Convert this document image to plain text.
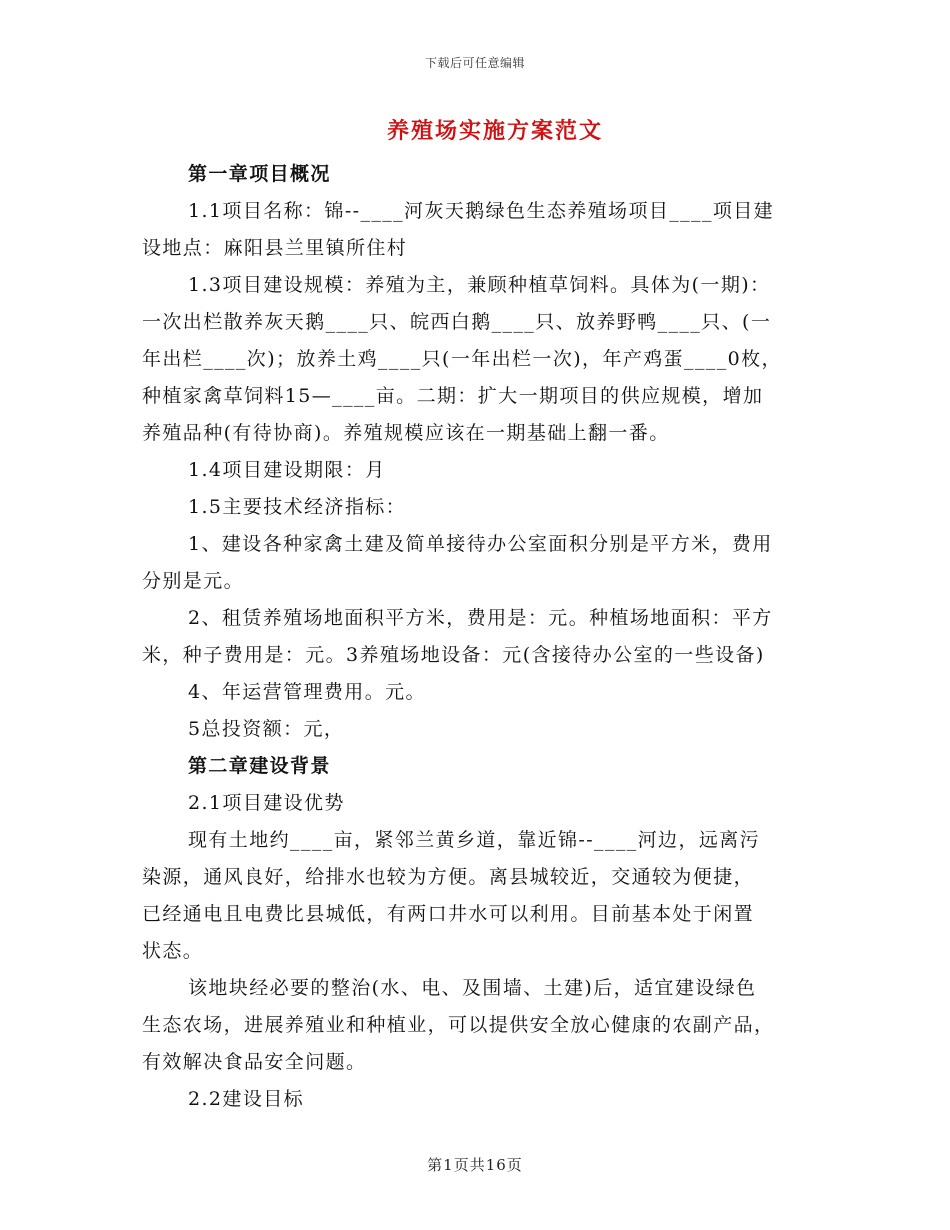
下载后可任意编辑
养殖场实施方案范文

第一章项目概况

1.1项目名称：锦--____河灰天鹅绿色生态养殖场项目____项目建

设地点：麻阳县兰里镇所住村

1.3项目建设规模：养殖为主，兼顾种植草饲料。具体为(一期)：

一次出栏散养灰天鹅____只、皖西白鹅____只、放养野鸭____只、(一

年出栏____次)；放养土鸡____只(一年出栏一次)，年产鸡蛋____0枚，

种植家禽草饲料15—____亩。二期：扩大一期项目的供应规模，增加

养殖品种(有待协商)。养殖规模应该在一期基础上翻一番。

1.4项目建设期限：月

1.5主要技术经济指标：

1、建设各种家禽土建及简单接待办公室面积分别是平方米，费用

分别是元。

2、租赁养殖场地面积平方米，费用是：元。种植场地面积：平方

米，种子费用是：元。3养殖场地设备：元(含接待办公室的一些设备)

4、年运营管理费用。元。

5总投资额：元，

第二章建设背景

2.1项目建设优势

现有土地约____亩，紧邻兰黄乡道，靠近锦--____河边，远离污

染源，通风良好，给排水也较为方便。离县城较近，交通较为便捷，

已经通电且电费比县城低，有两口井水可以利用。目前基本处于闲置

状态。

该地块经必要的整治(水、电、及围墙、土建)后，适宜建设绿色

生态农场，进展养殖业和种植业，可以提供安全放心健康的农副产品，

有效解决食品安全问题。

2.2建设目标

第1页共16页
